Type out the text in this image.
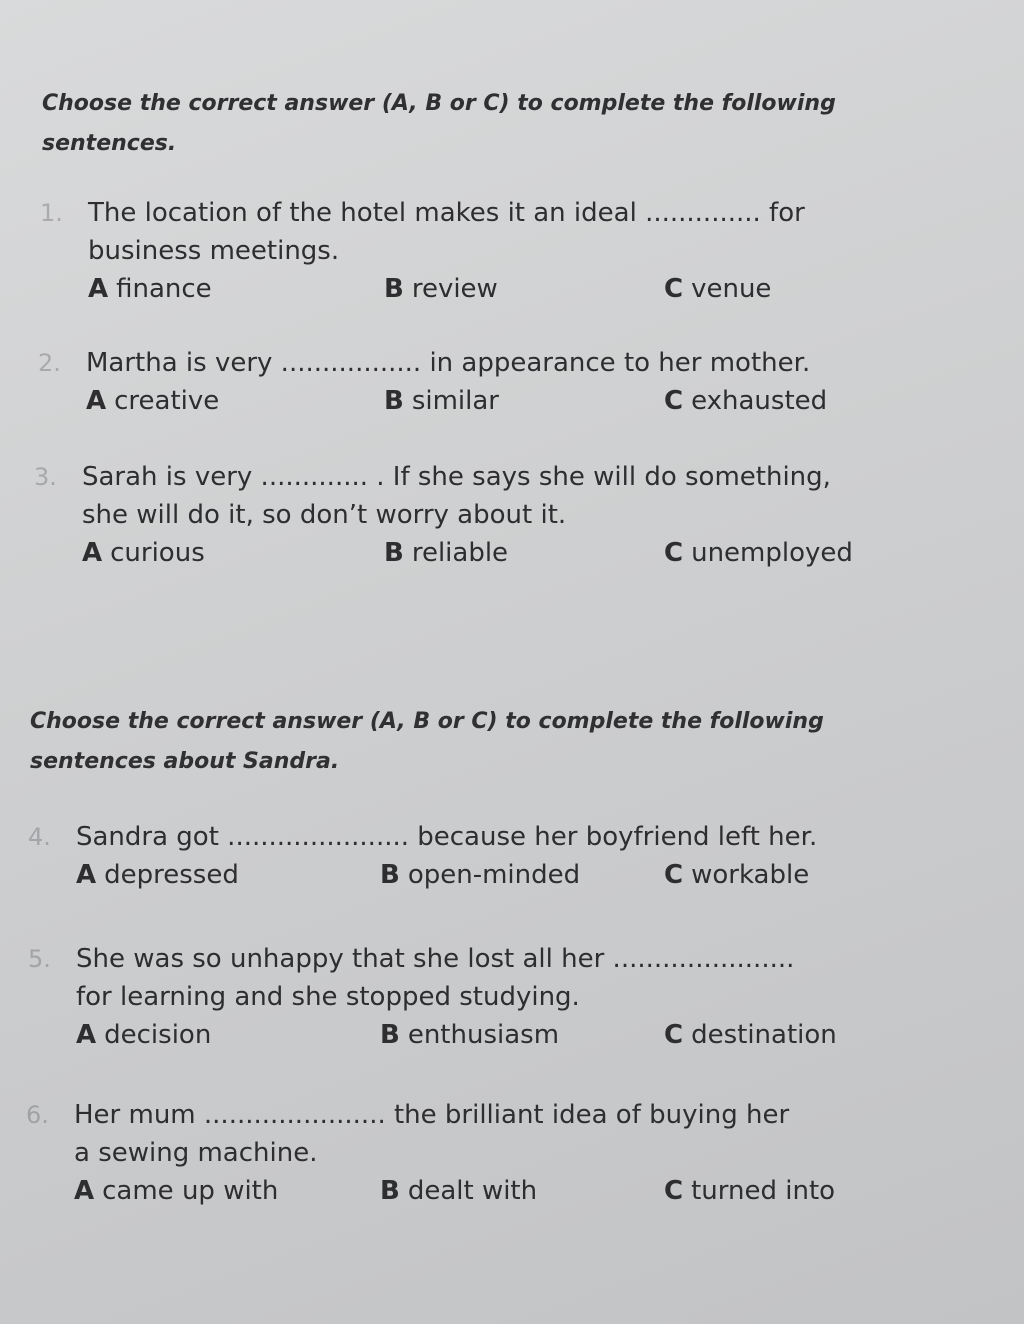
Choose the correct answer (A, B or C) to complete the following
sentences.
1. The location of the hotel makes it an ideal .............. for
business meetings.
A finance	B review	C venue
2. Martha is very ................. in appearance to her mother.
A creative	B similar	C exhausted
3. Sarah is very ............. . If she says she will do something,
she will do it, so don’t worry about it.
A curious	B reliable	C unemployed
Choose the correct answer (A, B or C) to complete the following
sentences about Sandra.
4. Sandra got ...................... because her boyfriend left her.
A depressed	B open-minded	C workable
5. She was so unhappy that she lost all her ......................
for learning and she stopped studying.
A decision	B enthusiasm	C destination
6. Her mum ...................... the brilliant idea of buying her
a sewing machine.
A came up with	B dealt with	C turned into
